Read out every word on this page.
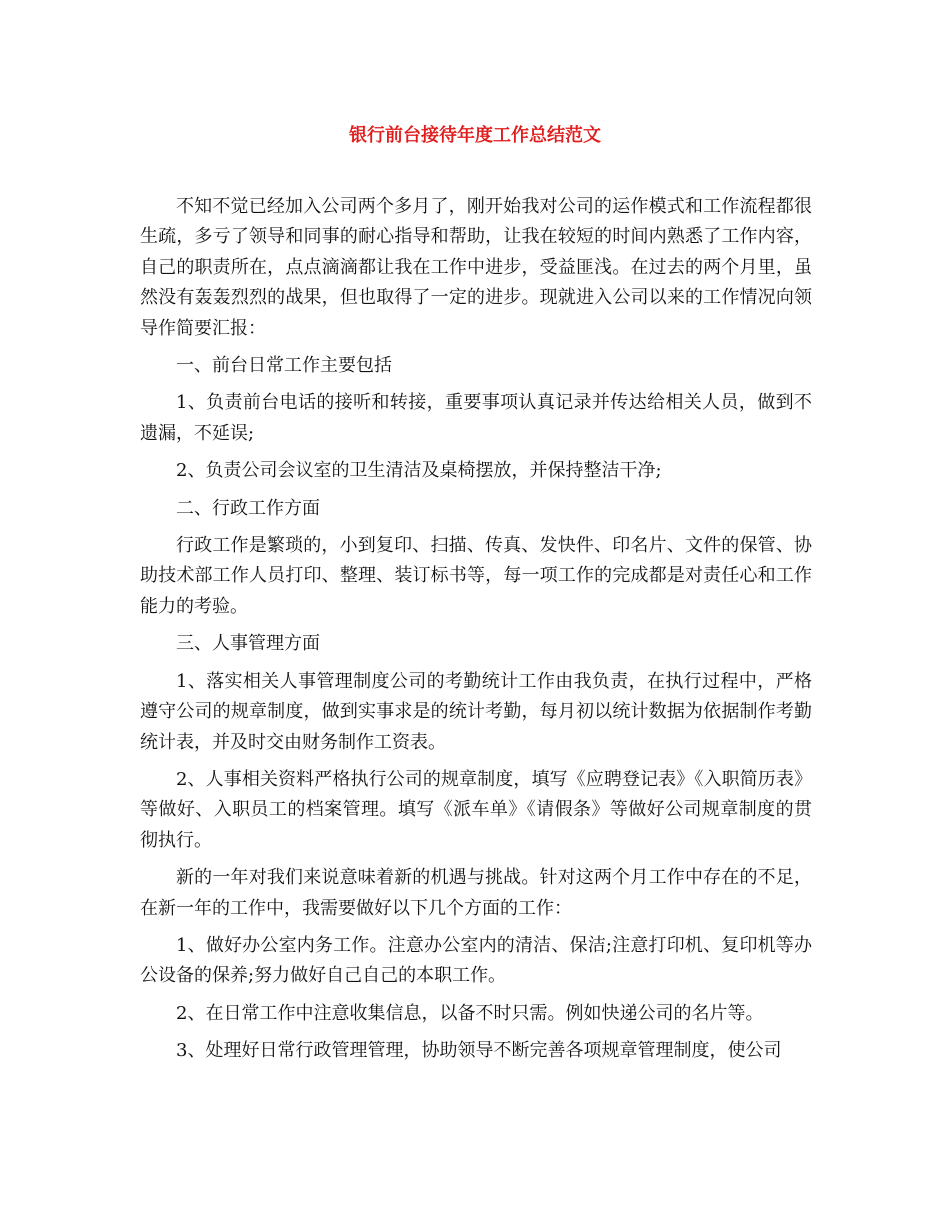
银行前台接待年度工作总结范文

不知不觉已经加入公司两个多月了，刚开始我对公司的运作模式和工作流程都很生疏，多亏了领导和同事的耐心指导和帮助，让我在较短的时间内熟悉了工作内容，自己的职责所在，点点滴滴都让我在工作中进步，受益匪浅。在过去的两个月里，虽然没有轰轰烈烈的战果，但也取得了一定的进步。现就进入公司以来的工作情况向领导作简要汇报：

一、前台日常工作主要包括

1、负责前台电话的接听和转接，重要事项认真记录并传达给相关人员，做到不遗漏，不延误;

2、负责公司会议室的卫生清洁及桌椅摆放，并保持整洁干净;

二、行政工作方面

行政工作是繁琐的，小到复印、扫描、传真、发快件、印名片、文件的保管、协助技术部工作人员打印、整理、装订标书等，每一项工作的完成都是对责任心和工作能力的考验。

三、人事管理方面

1、落实相关人事管理制度公司的考勤统计工作由我负责，在执行过程中，严格遵守公司的规章制度，做到实事求是的统计考勤，每月初以统计数据为依据制作考勤统计表，并及时交由财务制作工资表。

2、人事相关资料严格执行公司的规章制度，填写《应聘登记表》《入职简历表》等做好、入职员工的档案管理。填写《派车单》《请假条》等做好公司规章制度的贯彻执行。

新的一年对我们来说意味着新的机遇与挑战。针对这两个月工作中存在的不足，在新一年的工作中，我需要做好以下几个方面的工作：

1、做好办公室内务工作。注意办公室内的清洁、保洁;注意打印机、复印机等办公设备的保养;努力做好自己自己的本职工作。

2、在日常工作中注意收集信息，以备不时只需。例如快递公司的名片等。

3、处理好日常行政管理管理，协助领导不断完善各项规章管理制度，使公司
